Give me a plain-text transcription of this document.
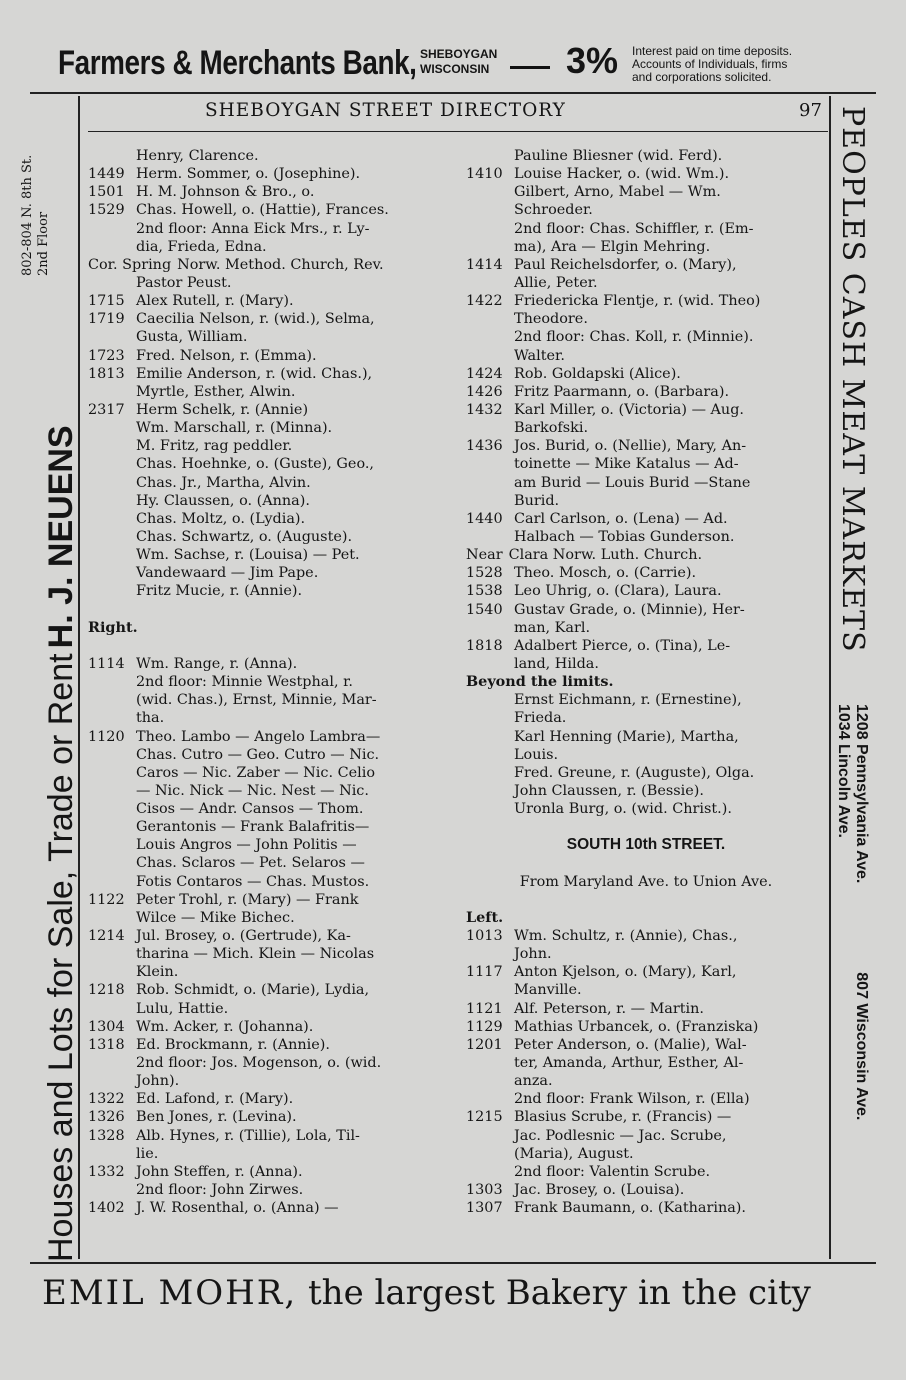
Farmers & Merchants Bank, SHEBOYGAN
WISCONSIN 3% Interest paid on time deposits.
Accounts of Individuals, firms
and corporations solicited.
SHEBOYGAN STREET DIRECTORY	97
Houses and Lots for Sale, Trade or Rent H. J. NEUENS
802-804 N. 8th St. 2nd Floor	PEOPLES CASH MEAT MARKETS
1208 Pennsylvania Ave.                    807 Wisconsin Ave.
1034 Lincoln Ave.
Henry, Clarence.
1449 Herm. Sommer, o. (Josephine).
1501 H. M. Johnson & Bro., o.
1529 Chas. Howell, o. (Hattie), Frances.
2nd floor: Anna Eick Mrs., r. Ly-
dia, Frieda, Edna.
Cor. Spring Norw. Method. Church, Rev.
Pastor Peust.
1715 Alex Rutell, r. (Mary).
1719 Caecilia Nelson, r. (wid.), Selma,
Gusta, William.
1723 Fred. Nelson, r. (Emma).
1813 Emilie Anderson, r. (wid. Chas.),
Myrtle, Esther, Alwin.
2317 Herm Schelk, r. (Annie)
Wm. Marschall, r. (Minna).
M. Fritz, rag peddler.
Chas. Hoehnke, o. (Guste), Geo.,
Chas. Jr., Martha, Alvin.
Hy. Claussen, o. (Anna).
Chas. Moltz, o. (Lydia).
Chas. Schwartz, o. (Auguste).
Wm. Sachse, r. (Louisa) — Pet.
Vandewaard — Jim Pape.
Fritz Mucie, r. (Annie).
Right.
1114 Wm. Range, r. (Anna).
2nd floor: Minnie Westphal, r.
(wid. Chas.), Ernst, Minnie, Mar-
tha.
1120 Theo. Lambo — Angelo Lambra—
Chas. Cutro — Geo. Cutro — Nic.
Caros — Nic. Zaber — Nic. Celio
— Nic. Nick — Nic. Nest — Nic.
Cisos — Andr. Cansos — Thom.
Gerantonis — Frank Balafritis—
Louis Angros — John Politis —
Chas. Sclaros — Pet. Selaros —
Fotis Contaros — Chas. Mustos.
1122 Peter Trohl, r. (Mary) — Frank
Wilce — Mike Bichec.
1214 Jul. Brosey, o. (Gertrude), Ka-
tharina — Mich. Klein — Nicolas
Klein.
1218 Rob. Schmidt, o. (Marie), Lydia,
Lulu, Hattie.
1304 Wm. Acker, r. (Johanna).
1318 Ed. Brockmann, r. (Annie).
2nd floor: Jos. Mogenson, o. (wid.
John).
1322 Ed. Lafond, r. (Mary).
1326 Ben Jones, r. (Levina).
1328 Alb. Hynes, r. (Tillie), Lola, Til-
lie.
1332 John Steffen, r. (Anna).
2nd floor: John Zirwes.
1402 J. W. Rosenthal, o. (Anna) —
Pauline Bliesner (wid. Ferd).
1410 Louise Hacker, o. (wid. Wm.).
Gilbert, Arno, Mabel — Wm.
Schroeder.
2nd floor: Chas. Schiffler, r. (Em-
ma), Ara — Elgin Mehring.
1414 Paul Reichelsdorfer, o. (Mary),
Allie, Peter.
1422 Friedericka Flentje, r. (wid. Theo)
Theodore.
2nd floor: Chas. Koll, r. (Minnie).
Walter.
1424 Rob. Goldapski (Alice).
1426 Fritz Paarmann, o. (Barbara).
1432 Karl Miller, o. (Victoria) — Aug.
Barkofski.
1436 Jos. Burid, o. (Nellie), Mary, An-
toinette — Mike Katalus — Ad-
am Burid — Louis Burid —Stane
Burid.
1440 Carl Carlson, o. (Lena) — Ad.
Halbach — Tobias Gunderson.
Near Clara Norw. Luth. Church.
1528 Theo. Mosch, o. (Carrie).
1538 Leo Uhrig, o. (Clara), Laura.
1540 Gustav Grade, o. (Minnie), Her-
man, Karl.
1818 Adalbert Pierce, o. (Tina), Le-
land, Hilda.
Beyond the limits.
Ernst Eichmann, r. (Ernestine),
Frieda.
Karl Henning (Marie), Martha,
Louis.
Fred. Greune, r. (Auguste), Olga.
John Claussen, r. (Bessie).
Uronla Burg, o. (wid. Christ.).
SOUTH 10th STREET.
From Maryland Ave. to Union Ave.
Left.
1013 Wm. Schultz, r. (Annie), Chas.,
John.
1117 Anton Kjelson, o. (Mary), Karl,
Manville.
1121 Alf. Peterson, r. — Martin.
1129 Mathias Urbancek, o. (Franziska)
1201 Peter Anderson, o. (Malie), Wal-
ter, Amanda, Arthur, Esther, Al-
anza.
2nd floor: Frank Wilson, r. (Ella)
1215 Blasius Scrube, r. (Francis) —
Jac. Podlesnic — Jac. Scrube,
(Maria), August.
2nd floor: Valentin Scrube.
1303 Jac. Brosey, o. (Louisa).
1307 Frank Baumann, o. (Katharina).
EMIL MOHR, the largest Bakery in the city
